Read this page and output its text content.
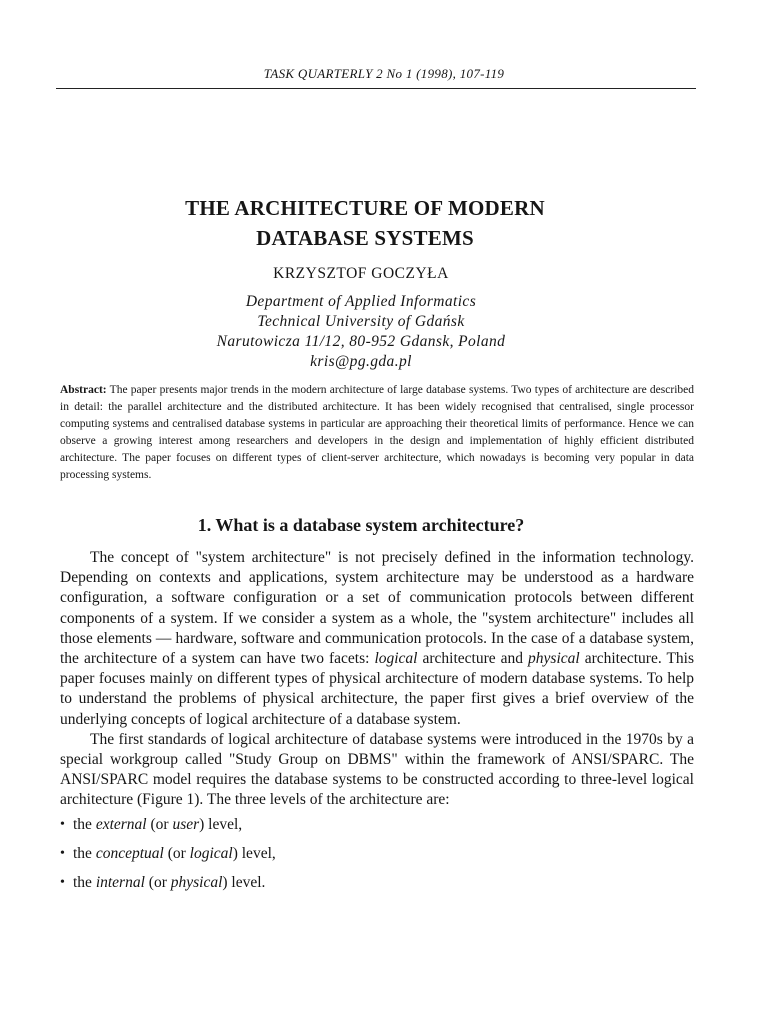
TASK QUARTERLY 2 No 1 (1998), 107-119
THE ARCHITECTURE OF MODERN
DATABASE SYSTEMS
KRZYSZTOF GOCZYŁA
Department of Applied Informatics
Technical University of Gdańsk
Narutowicza 11/12, 80-952 Gdansk, Poland
kris@pg.gda.pl
Abstract: The paper presents major trends in the modern architecture of large database systems. Two types of architecture are described in detail: the parallel architecture and the distributed architecture. It has been widely recognised that centralised, single processor computing systems and centralised database systems in particular are approaching their theoretical limits of performance. Hence we can observe a growing interest among researchers and developers in the design and implementation of highly efficient distributed architecture. The paper focuses on different types of client-server architecture, which nowadays is becoming very popular in data processing systems.
1. What is a database system architecture?

The concept of "system architecture" is not precisely defined in the information technology. Depending on contexts and applications, system architecture may be understood as a hardware configuration, a software configuration or a set of communication protocols between different components of a system. If we consider a system as a whole, the "system architecture" includes all those elements — hardware, software and communication protocols. In the case of a database system, the architecture of a system can have two facets: logical architecture and physical architecture. This paper focuses mainly on different types of physical architecture of modern database systems. To help to understand the problems of physical architecture, the paper first gives a brief overview of the underlying concepts of logical architecture of a database system.

The first standards of logical architecture of database systems were introduced in the 1970s by a special workgroup called "Study Group on DBMS" within the framework of ANSI/SPARC. The ANSI/SPARC model requires the database systems to be constructed according to three-level logical architecture (Figure 1). The three levels of the architecture are:

• the external (or user) level,
• the conceptual (or logical) level,
• the internal (or physical) level.
